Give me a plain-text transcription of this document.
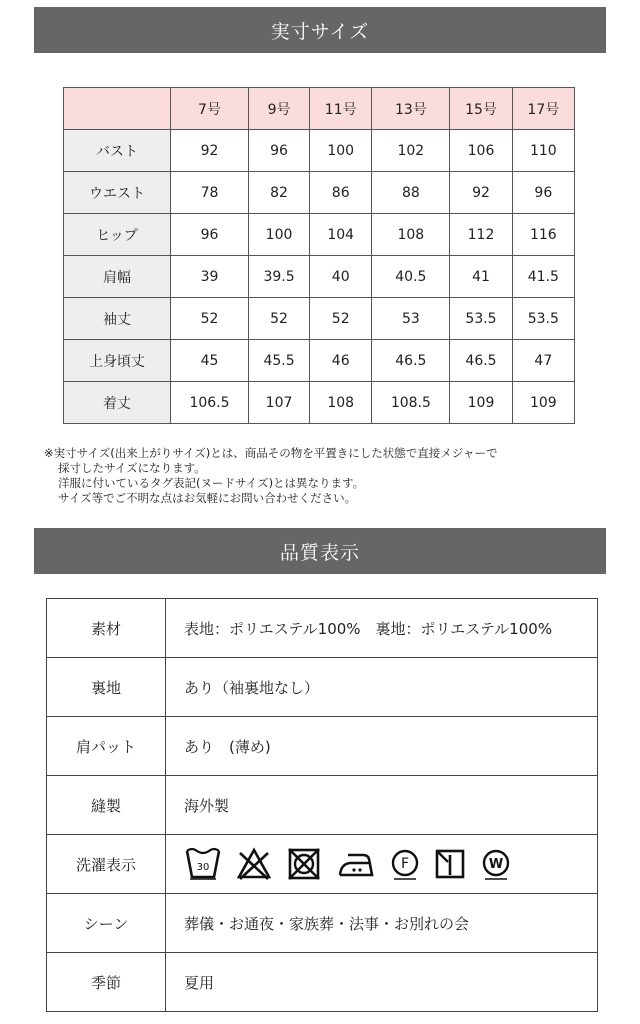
実寸サイズ
	7号	9号	11号	13号	15号	17号
バスト	92	96	100	102	106	110
ウエスト	78	82	86	88	92	96
ヒップ	96	100	104	108	112	116
肩幅	39	39.5	40	40.5	41	41.5
袖丈	52	52	52	53	53.5	53.5
上身頃丈	45	45.5	46	46.5	46.5	47
着丈	106.5	107	108	108.5	109	109
※実寸サイズ(出来上がりサイズ)とは、商品その物を平置きにした状態で直接メジャーで
採寸したサイズになります。
洋服に付いているタグ表記(ヌードサイズ)とは異なります。
サイズ等でご不明な点はお気軽にお問い合わせください。
品質表示
素材	表地：ポリエステル100%　裏地：ポリエステル100%
裏地	あり（袖裏地なし）
肩パット	あり　(薄め)
縫製	海外製
洗濯表示	30 F W

シーン	葬儀・お通夜・家族葬・法事・お別れの会
季節	夏用
